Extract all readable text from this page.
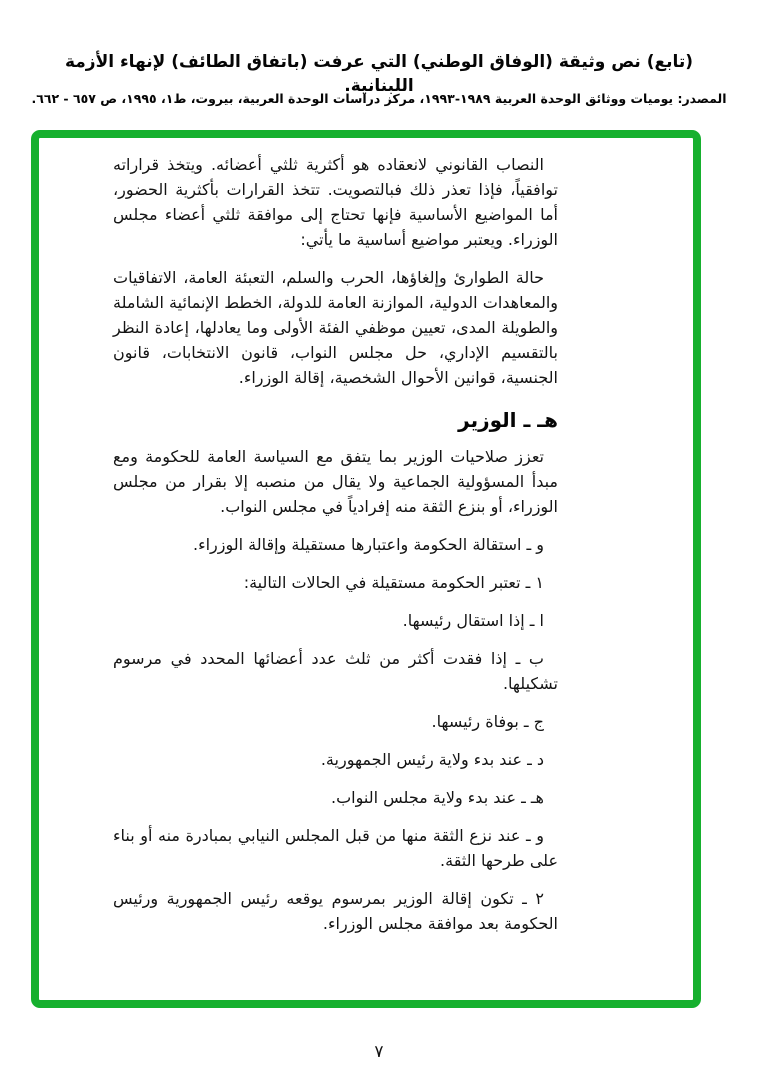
(تابع) نص وثيقة (الوفاق الوطني) التي عرفت (باتفاق الطائف) لإنهاء الأزمة اللبنانية.
المصدر: يوميات ووثائق الوحدة العربية ١٩٨٩-١٩٩٣، مركز دراسات الوحدة العربية، بيروت، ط١، ١٩٩٥، ص ٦٥٧ - ٦٦٢.

النصاب القانوني لانعقاده هو أكثرية ثلثي أعضائه. ويتخذ قراراته توافقياً، فإذا تعذر ذلك فبالتصويت. تتخذ القرارات بأكثرية الحضور، أما المواضيع الأساسية فإنها تحتاج إلى موافقة ثلثي أعضاء مجلس الوزراء. ويعتبر مواضيع أساسية ما يأتي:

حالة الطوارئ وإلغاؤها، الحرب والسلم، التعبئة العامة، الاتفاقيات والمعاهدات الدولية، الموازنة العامة للدولة، الخطط الإنمائية الشاملة والطويلة المدى، تعيين موظفي الفئة الأولى وما يعادلها، إعادة النظر بالتقسيم الإداري، حل مجلس النواب، قانون الانتخابات، قانون الجنسية، قوانين الأحوال الشخصية، إقالة الوزراء.

هـ ـ الوزير

تعزز صلاحيات الوزير بما يتفق مع السياسة العامة للحكومة ومع مبدأ المسؤولية الجماعية ولا يقال من منصبه إلا بقرار من مجلس الوزراء، أو بنزع الثقة منه إفرادياً في مجلس النواب.

و ـ استقالة الحكومة واعتبارها مستقيلة وإقالة الوزراء.

١ ـ تعتبر الحكومة مستقيلة في الحالات التالية:

ا ـ إذا استقال رئيسها.

ب ـ إذا فقدت أكثر من ثلث عدد أعضائها المحدد في مرسوم تشكيلها.

ج ـ بوفاة رئيسها.

د ـ عند بدء ولاية رئيس الجمهورية.

هـ ـ عند بدء ولاية مجلس النواب.

و ـ عند نزع الثقة منها من قبل المجلس النيابي بمبادرة منه أو بناء على طرحها الثقة.

٢ ـ تكون إقالة الوزير بمرسوم يوقعه رئيس الجمهورية ورئيس الحكومة بعد موافقة مجلس الوزراء.

٧
